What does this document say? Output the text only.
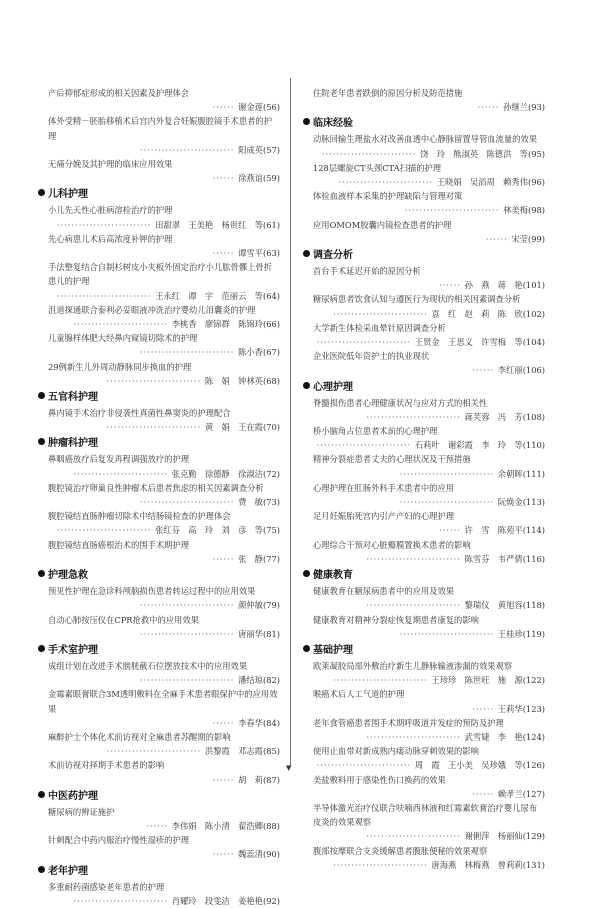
▼
产后抑郁症形成的相关因素及护理体会
······ 谢金莲(56)
体外受精－胚胎移植术后宫内外复合妊娠腹腔镜手术患者的护理
·························· 阳成英(57)
无痛分娩及其护理的临床应用效果
······ 徐燕谊(59)
儿科护理
小儿先天性心脏病溶栓治疗的护理
·························· 田甜翠　王美艳　杨贵红　等(61)
先心病患儿术后高浓度补钾的护理
······ 谭雪平(63)
手法整复结合自制杉树皮小夹板外固定治疗小儿肱骨髁上骨折患儿的护理
·························· 王永红　谭　宇　范丽云　等(64)
沮道探通联合泰利必妥眼液冲洗治疗婴幼儿泪囊炎的护理
·························· 李桃香　廖锦群　陈锦玲(66)
儿童腺样体肥大经鼻内窥镜切除术的护理
·························· 陈小香(67)
29例新生儿外周动静脉同步换血的护理
·························· 陈　娟　钟林英(68)
五官科护理
鼻内镜手术治疗非侵袭性真菌性鼻窦炎的护理配合
·························· 黄　娟　王在霞(70)
肿瘤科护理
鼻咽癌放疗后复发再程调强放疗的护理
·························· 张克勤　徐德静　徐淑洁(72)
腹腔镜治疗卵巢良性肿瘤术后患者焦虑的相关因素调查分析
·························· 费　敏(73)
腹腔镜结直肠肿瘤切除术中结肠镜检查的护理体会
·························· 张红芬　高　玲　刘　彦　等(75)
腹腔镜结直肠癌根治术的围手术期护理
······ 张　静(77)
护理急救
预见性护理在急诊科颅脑损伤患者转运过程中的应用效果
·························· 颜仲敏(79)
自动心肺按压仪在CPR抢救中的应用效果
·························· 唐丽华(81)
手术室护理
成组计划在改进手术膀胱截石位摆放技术中的应用效果
·························· 潘结琼(82)
金霉素眼膏联合3M透明敷料在全麻手术患者眼保护中的应用效果
······ 李春华(84)
麻醉护士个体化术前访视对全麻患者苏醒期的影响
·························· 洪黎霞　邓志霞(85)
术前访视对择期手术患者的影响
······ 胡　莉(87)
中医药护理
糖尿病的辨证施护
······ 李伟娟　陈小清　翟浩卿(88)
针刺配合中药内服治疗慢性湿疹的护理
······ 魏蕊清(90)
老年护理
多重耐药菌感染老年患者的护理
·························· 肖耀玲　段雯洁　姜艳艳(92)
住院老年患者跌倒的原因分析及防范措施
······ 孙继兰(93)
临床经验
动脉回输生理盐水对改善血透中心静脉留置导管血流量的效果
·························· 饶　玲　熊淑英　陈德洪　等(95)
128层螺旋CT头颈CTA扫描的护理
·························· 王晓娟　吴滔周　赖秀伟(96)
体检血液样本采集的护理缺陷与管理对策
·························· 林美梅(98)
应用OMOM胶囊内镜检查患者的护理
······ 宋莹(99)
调查分析
首台手术延迟开始的原因分析
······ 孙　燕　蒋　艳(101)
糖尿病患者饮食认知与遵医行为现状的相关因素调查分析
·························· 袁　红　赵　莉　陈　欣(102)
大学新生体检采血晕针原因调查分析
·························· 王贤金　王思义　许雪梅　等(104)
企业医院低年资护士的执业现状
······ 李红丽(106)
心理护理
脊髓损伤患者心理健康状况与应对方式的相关性
·························· 蒋芙蓉　冯　芳(108)
桥小脑角占位患者术前的心理护理
·························· 石莉叶　谢彩霞　李　玲　等(110)
精神分裂症患者丈夫的心理状况及干预措施
·························· 余朝晖(111)
心理护理在肛肠外科手术患者中的应用
·························· 阮焕金(113)
足月妊娠胎死宫内引产产妇的心理护理
······ 许　雪　陈苑平(114)
心理综合干预对心脏瓣膜置换术患者的影响
·························· 陈雪芬　韦严倩(116)
健康教育
健康教育在糖尿病患者中的应用及效果
·························· 黎瑞仪　黄旭容(118)
健康教育对精神分裂症恢复期患者康复的影响
·························· 王桂珍(119)
基础护理
欧莱凝胶局部外敷治疗新生儿静脉输液渗漏的效果观察
·························· 王珍珍　陈世旺　施　源(122)
喉癌术后人工气道的护理
······ 王莉华(123)
老年食管癌患者围手术期呼吸道并发症的预防及护理
·························· 武雪婕　李　艳(124)
使用止血带对新成熟内瘘动脉穿刺效果的影响
·························· 周　霞　王小美　吴珍娥　等(126)
美盐敷料用于感染性伤口换药的效果
······ 赖孝兰(127)
半导体激光治疗仪联合呋喃西林液和红霉素软膏治疗婴儿尿布皮炎的效果观察
·························· 谢俐萍　杨丽仙(129)
腹部按摩联合支炎缓解患者腹胀便秘的效果观察
·························· 唐海燕　林梅燕　曾莉莉(131)
